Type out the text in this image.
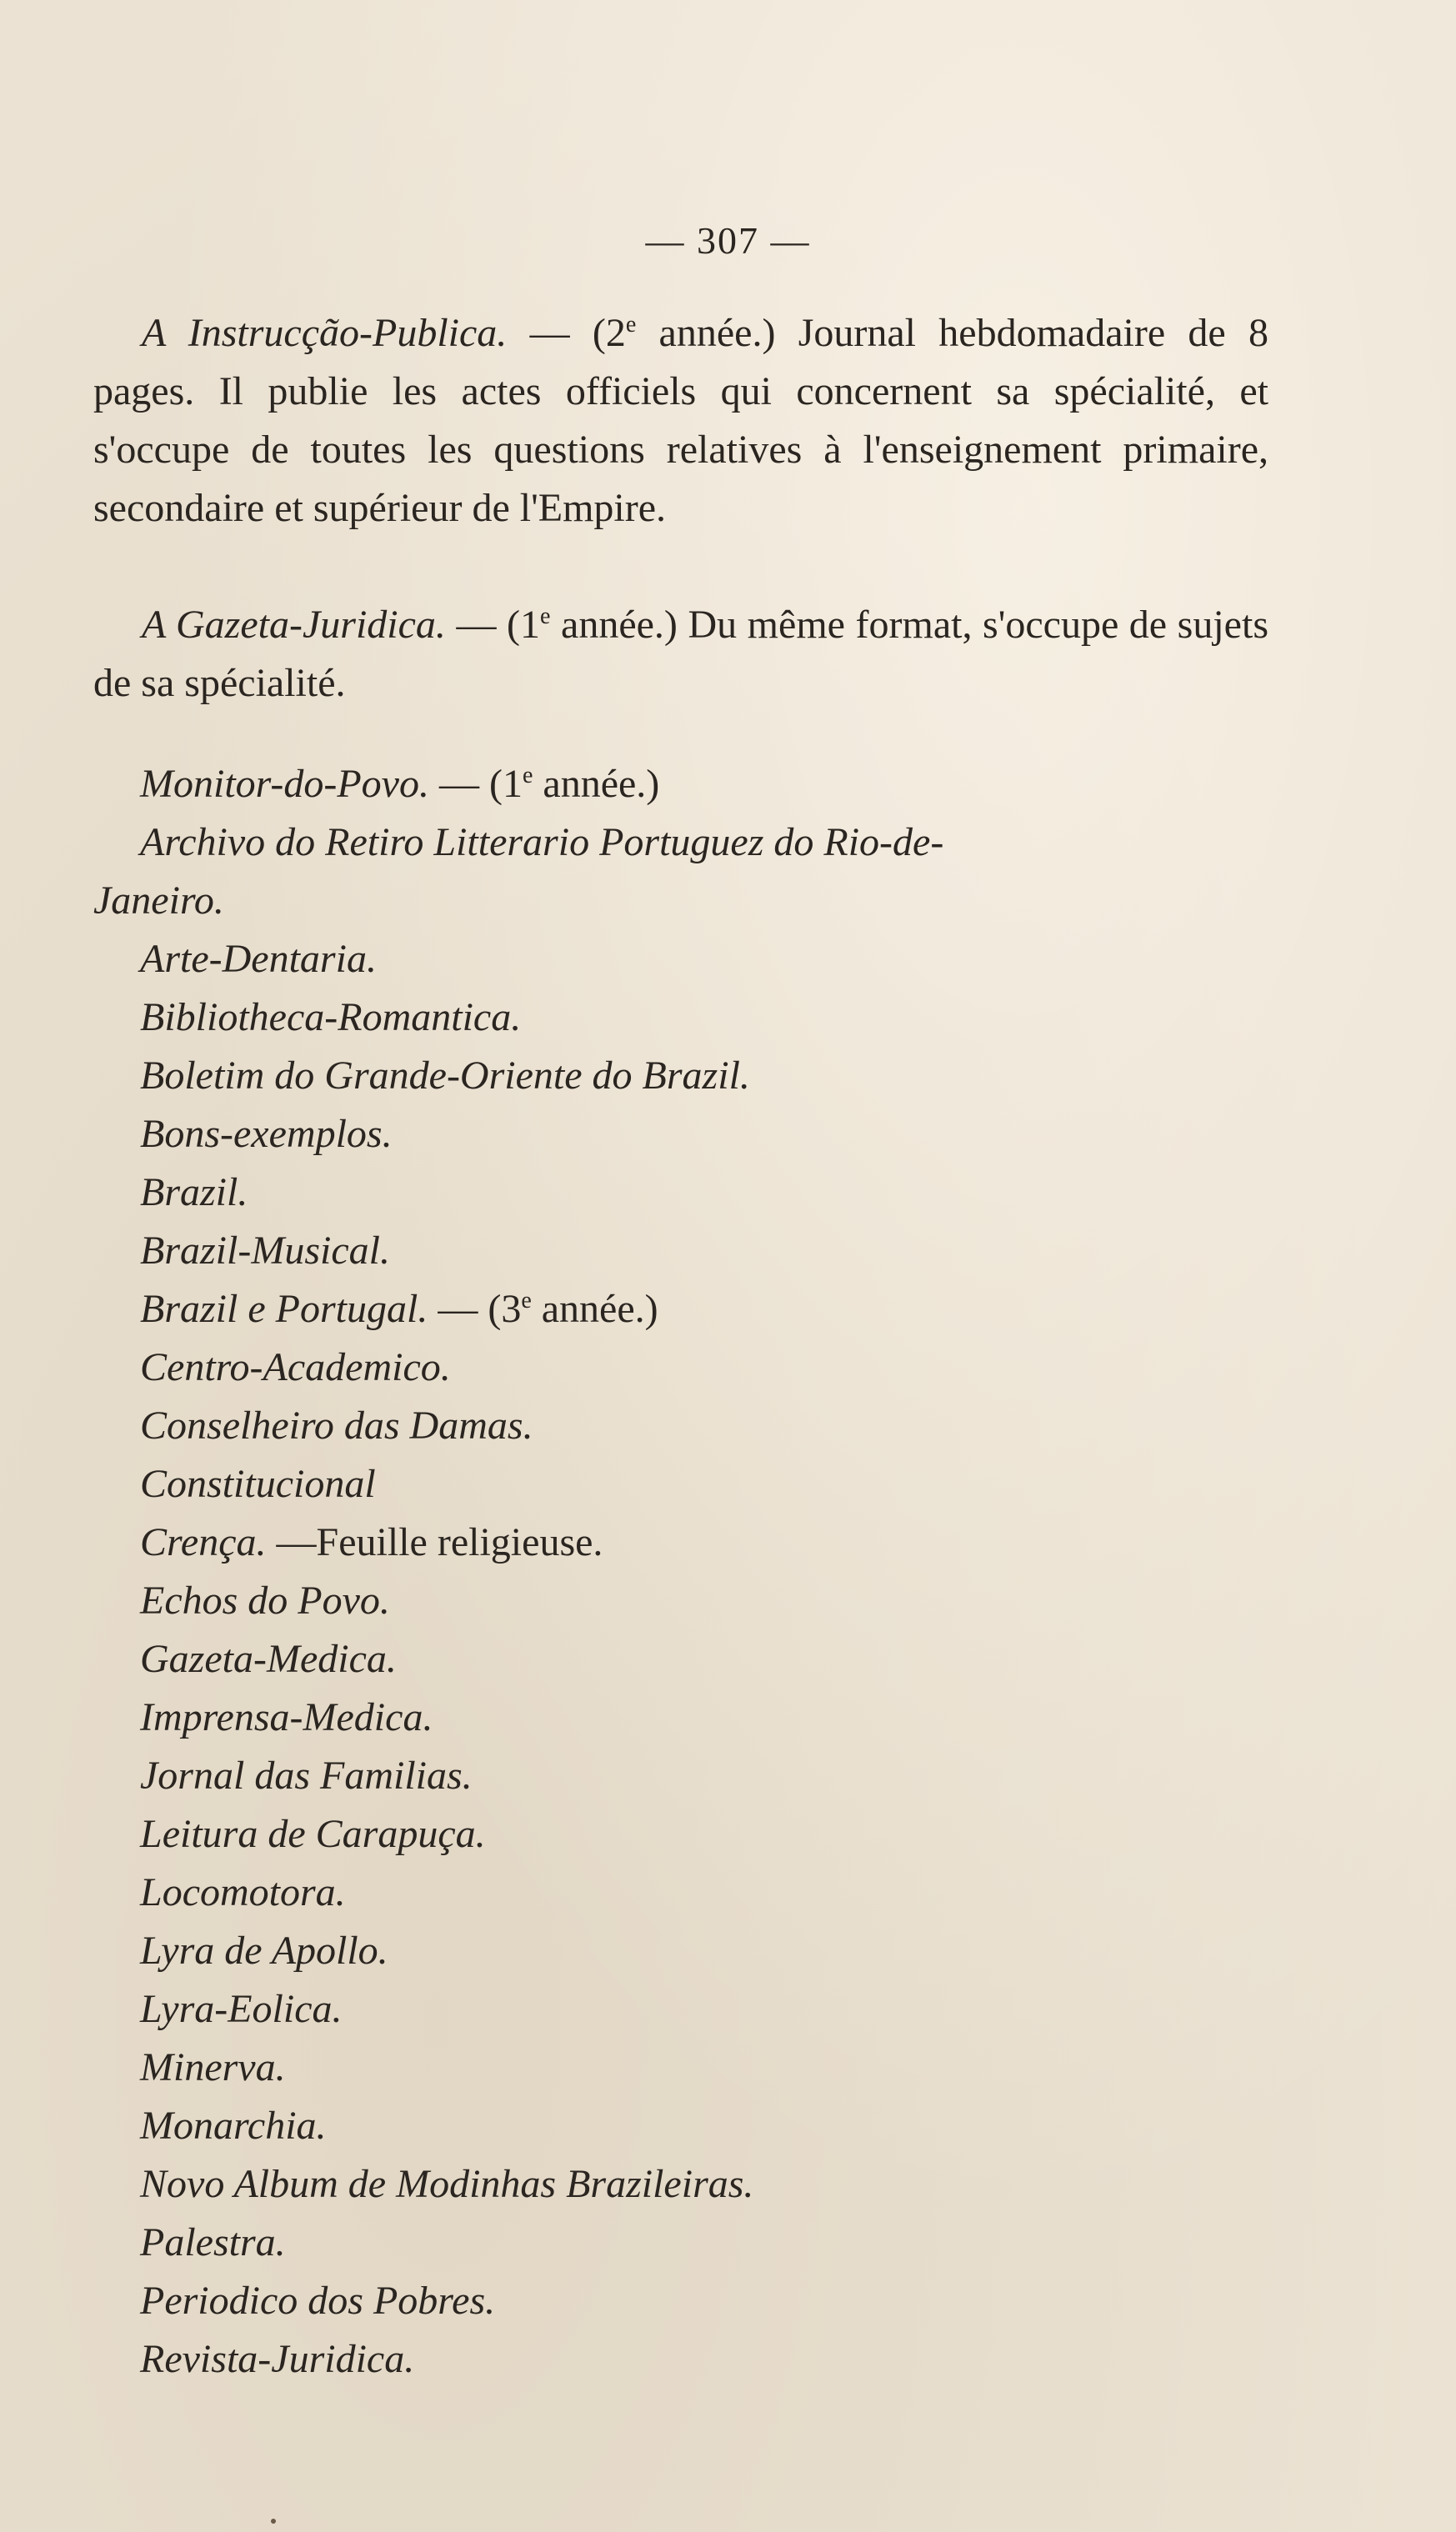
— 307 —
A Instrucção-Publica. — (2e année.) Journal hebdomadaire de 8 pages. Il publie les actes officiels qui concernent sa spécialité, et s'occupe de toutes les questions relatives à l'enseignement primaire, secondaire et supérieur de l'Empire.
A Gazeta-Juridica. — (1e année.) Du même format, s'occupe de sujets de sa spécialité.
Monitor-do-Povo. — (1e année.)
Archivo do Retiro Litterario Portuguez do Rio-de-
Janeiro.
Arte-Dentaria.
Bibliotheca-Romantica.
Boletim do Grande-Oriente do Brazil.
Bons-exemplos.
Brazil.
Brazil-Musical.
Brazil e Portugal. — (3e année.)
Centro-Academico.
Conselheiro das Damas.
Constitucional
Crença. —Feuille religieuse.
Echos do Povo.
Gazeta-Medica.
Imprensa-Medica.
Jornal das Familias.
Leitura de Carapuça.
Locomotora.
Lyra de Apollo.
Lyra-Eolica.
Minerva.
Monarchia.
Novo Album de Modinhas Brazileiras.
Palestra.
Periodico dos Pobres.
Revista-Juridica.
